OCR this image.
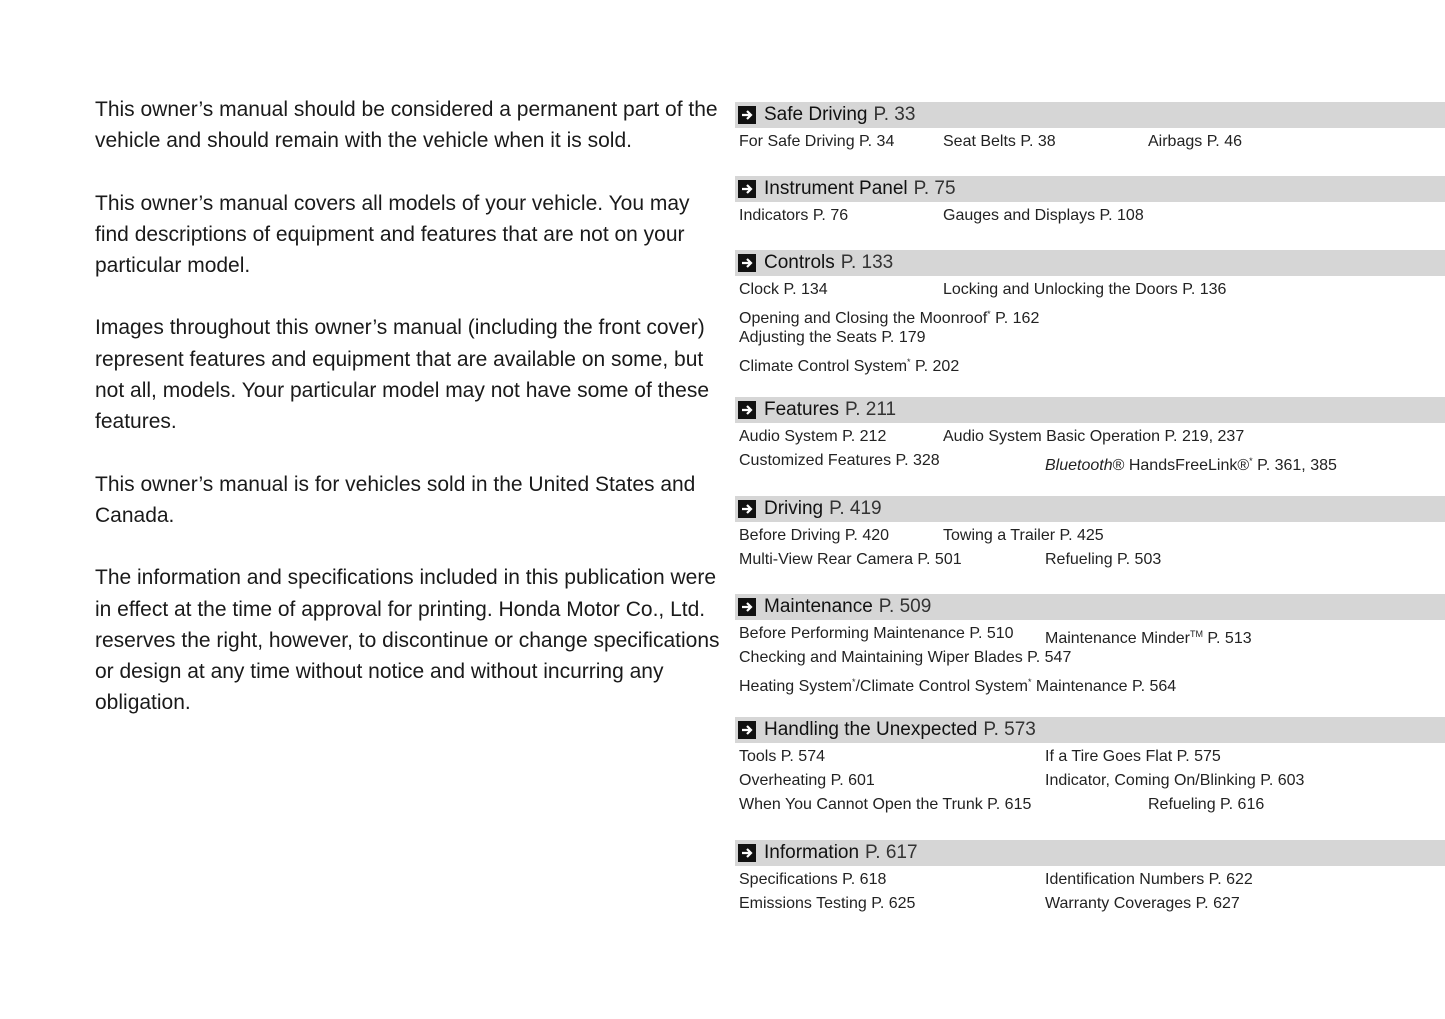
This owner’s manual should be considered a permanent part of the vehicle and should remain with the vehicle when it is sold.

This owner’s manual covers all models of your vehicle. You may find descriptions of equipment and features that are not on your particular model.

Images throughout this owner’s manual (including the front cover) represent features and equipment that are available on some, but not all, models. Your particular model may not have some of these features.

This owner’s manual is for vehicles sold in the United States and Canada.

The information and specifications included in this publication were in effect at the time of approval for printing. Honda Motor Co., Ltd. reserves the right, however, to discontinue or change specifications or design at any time without notice and without incurring any obligation.

Safe Driving P. 33
For Safe Driving P. 34	Seat Belts P. 38	Airbags P. 46
Instrument Panel P. 75
Indicators P. 76	Gauges and Displays P. 108
Controls P. 133
Clock P. 134	Locking and Unlocking the Doors P. 136
Opening and Closing the Moonroof* P. 162
Adjusting the Seats P. 179
Climate Control System* P. 202
Features P. 211
Audio System P. 212	Audio System Basic Operation P. 219, 237
Customized Features P. 328	Bluetooth® HandsFreeLink®* P. 361, 385
Driving P. 419
Before Driving P. 420	Towing a Trailer P. 425
Multi-View Rear Camera P. 501	Refueling P. 503
Maintenance P. 509
Before Performing Maintenance P. 510 Maintenance Minder™ P. 513
Checking and Maintaining Wiper Blades P. 547
Heating System*/Climate Control System* Maintenance P. 564
Handling the Unexpected P. 573
Tools P. 574	If a Tire Goes Flat P. 575
Overheating P. 601	Indicator, Coming On/Blinking P. 603
When You Cannot Open the Trunk P. 615	Refueling P. 616
Information P. 617
Specifications P. 618	Identification Numbers P. 622
Emissions Testing P. 625	Warranty Coverages P. 627
